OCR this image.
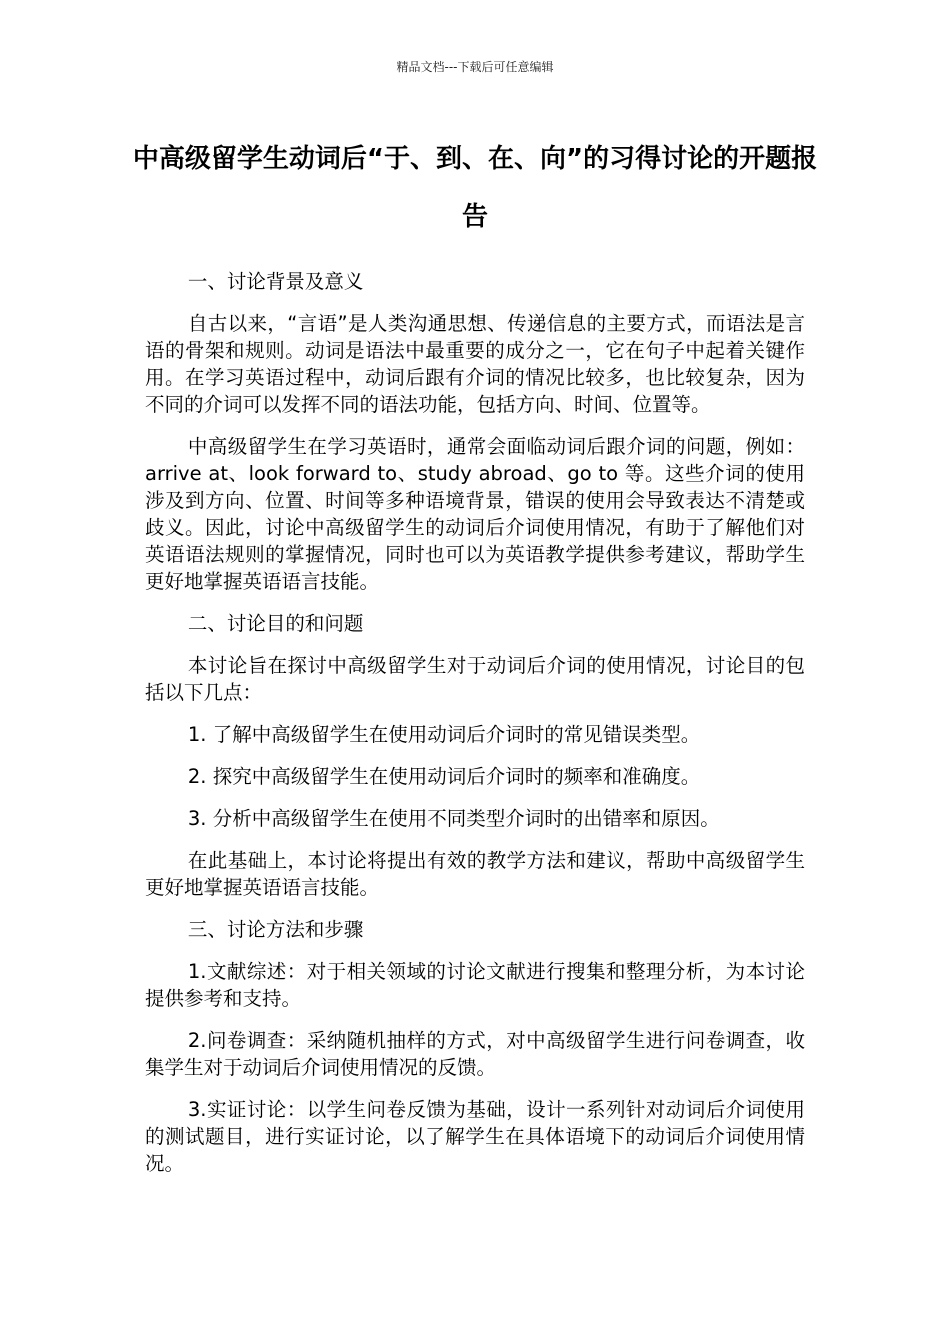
精品文档---下载后可任意编辑
中高级留学生动词后“于、到、在、向”的习得讨论的开题报告

一、讨论背景及意义

自古以来，“言语”是人类沟通思想、传递信息的主要方式，而语法是言语的骨架和规则。动词是语法中最重要的成分之一，它在句子中起着关键作用。在学习英语过程中，动词后跟有介词的情况比较多，也比较复杂，因为不同的介词可以发挥不同的语法功能，包括方向、时间、位置等。

中高级留学生在学习英语时，通常会面临动词后跟介词的问题，例如：arrive at、look forward to、study abroad、go to 等。这些介词的使用涉及到方向、位置、时间等多种语境背景，错误的使用会导致表达不清楚或歧义。因此，讨论中高级留学生的动词后介词使用情况，有助于了解他们对英语语法规则的掌握情况，同时也可以为英语教学提供参考建议，帮助学生更好地掌握英语语言技能。

二、讨论目的和问题

本讨论旨在探讨中高级留学生对于动词后介词的使用情况，讨论目的包括以下几点：

1. 了解中高级留学生在使用动词后介词时的常见错误类型。

2. 探究中高级留学生在使用动词后介词时的频率和准确度。

3. 分析中高级留学生在使用不同类型介词时的出错率和原因。

在此基础上，本讨论将提出有效的教学方法和建议，帮助中高级留学生更好地掌握英语语言技能。

三、讨论方法和步骤

1.文献综述：对于相关领域的讨论文献进行搜集和整理分析，为本讨论提供参考和支持。

2.问卷调查：采纳随机抽样的方式，对中高级留学生进行问卷调查，收集学生对于动词后介词使用情况的反馈。

3.实证讨论：以学生问卷反馈为基础，设计一系列针对动词后介词使用的测试题目，进行实证讨论，以了解学生在具体语境下的动词后介词使用情况。
